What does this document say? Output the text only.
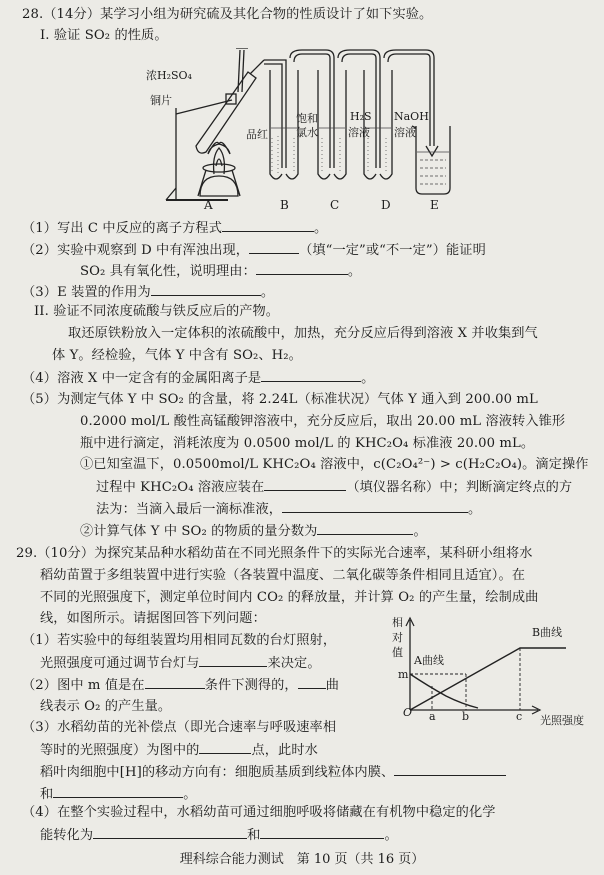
28.（14分）某学习小组为研究硫及其化合物的性质设计了如下实验。
I. 验证 SO₂ 的性质。
浓H₂SO₄
铜片
品红
饱和
氯水
H₂S
溶液
NaOH
溶液
A	B	C	D	E
（1）写出 C 中反应的离子方程式	。
（2）实验中观察到 D 中有浑浊出现，	（填“一定”或“不一定”）能证明
SO₂ 具有氧化性，说明理由：	。
（3）E 装置的作用为	。
II. 验证不同浓度硫酸与铁反应后的产物。
取还原铁粉放入一定体积的浓硫酸中，加热，充分反应后得到溶液 X 并收集到气
体 Y。经检验，气体 Y 中含有 SO₂、H₂。
（4）溶液 X 中一定含有的金属阳离子是	。
（5）为测定气体 Y 中 SO₂ 的含量，将 2.24L（标准状况）气体 Y 通入到 200.00 mL
0.2000 mol/L 酸性高锰酸钾溶液中，充分反应后，取出 20.00 mL 溶液转入锥形
瓶中进行滴定，消耗浓度为 0.0500 mol/L 的 KHC₂O₄ 标准液 20.00 mL。
①已知室温下，0.0500mol/L KHC₂O₄ 溶液中，c(C₂O₄²⁻) > c(H₂C₂O₄)。滴定操作
过程中 KHC₂O₄ 溶液应装在	（填仪器名称）中；判断滴定终点的方
法为：当滴入最后一滴标准液，	。
②计算气体 Y 中 SO₂ 的物质的量分数为	。
29.（10分）为探究某品种水稻幼苗在不同光照条件下的实际光合速率，某科研小组将水
稻幼苗置于多组装置中进行实验（各装置中温度、二氧化碳等条件相同且适宜）。在
不同的光照强度下，测定单位时间内 CO₂ 的释放量，并计算 O₂ 的产生量，绘制成曲
线，如图所示。请据图回答下列问题：
（1）若实验中的每组装置均用相同瓦数的台灯照射，
光照强度可通过调节台灯与	来决定。
（2）图中 m 值是在	条件下测得的， 曲
线表示 O₂ 的产生量。
（3）水稻幼苗的光补偿点（即光合速率与呼吸速率相
等时的光照强度）为图中的	点，此时水
稻叶肉细胞中[H]的移动方向有：细胞质基质到线粒体内膜、
和	。
（4）在整个实验过程中，水稻幼苗可通过细胞呼吸将储藏在有机物中稳定的化学
能转化为	和	。
相
对
值
m
O a b	c 光照强度
A曲线
B曲线
理科综合能力测试　第 10 页（共 16 页）
